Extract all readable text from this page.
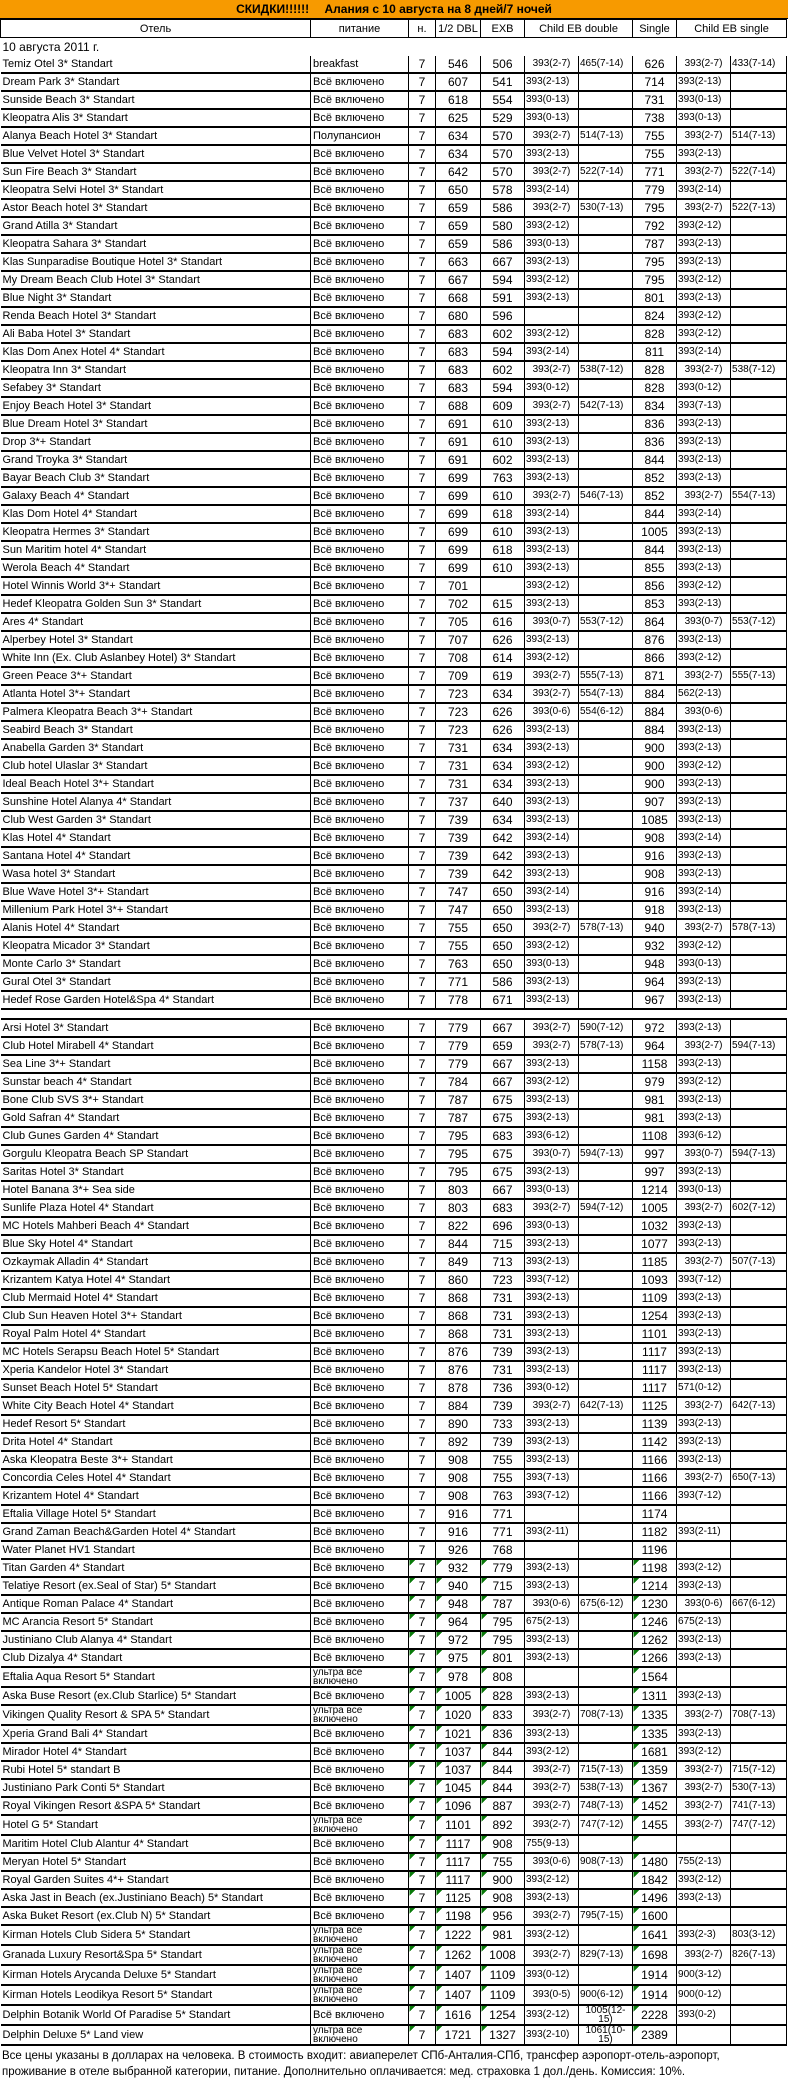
СКИДКИ!!!!!! Алания с 10 августа на 8 дней/7 ночей
Отель	питание	н.	1/2 DBL	EXB	Child EB double		Single	Child EB single	
10 августа 2011 г.									
Temiz Otel 3* Standart	breakfast	7	546	506	393(2-7)	465(7-14)	626	393(2-7)	433(7-14)
Dream Park 3* Standart	Всё включено	7	607	541	393(2-13)		714	393(2-13)	
Sunside Beach 3* Standart	Всё включено	7	618	554	393(0-13)		731	393(0-13)	
Kleopatra Alis 3* Standart	Всё включено	7	625	529	393(0-13)		738	393(0-13)	
Alanya Beach Hotel 3* Standart	Полупансион	7	634	570	393(2-7)	514(7-13)	755	393(2-7)	514(7-13)
Blue Velvet Hotel 3* Standart	Всё включено	7	634	570	393(2-13)		755	393(2-13)	
Sun Fire Beach 3* Standart	Всё включено	7	642	570	393(2-7)	522(7-14)	771	393(2-7)	522(7-14)
Kleopatra Selvi Hotel 3* Standart	Всё включено	7	650	578	393(2-14)		779	393(2-14)	
Astor Beach hotel 3* Standart	Всё включено	7	659	586	393(2-7)	530(7-13)	795	393(2-7)	522(7-13)
Grand Atilla 3* Standart	Всё включено	7	659	580	393(2-12)		792	393(2-12)	
Kleopatra Sahara 3* Standart	Всё включено	7	659	586	393(0-13)		787	393(2-13)	
Klas Sunparadise Boutique Hotel 3* Standart	Всё включено	7	663	667	393(2-13)		795	393(2-13)	
My Dream Beach Club Hotel 3* Standart	Всё включено	7	667	594	393(2-12)		795	393(2-12)	
Blue Night 3* Standart	Всё включено	7	668	591	393(2-13)		801	393(2-13)	
Renda Beach Hotel 3* Standart	Всё включено	7	680	596			824	393(2-12)	
Ali Baba Hotel 3* Standart	Всё включено	7	683	602	393(2-12)		828	393(2-12)	
Klas Dom Anex Hotel 4* Standart	Всё включено	7	683	594	393(2-14)		811	393(2-14)	
Kleopatra Inn 3* Standart	Всё включено	7	683	602	393(2-7)	538(7-12)	828	393(2-7)	538(7-12)
Sefabey 3* Standart	Всё включено	7	683	594	393(0-12)		828	393(0-12)	
Enjoy Beach Hotel 3* Standart	Всё включено	7	688	609	393(2-7)	542(7-13)	834	393(7-13)	
Blue Dream Hotel 3* Standart	Всё включено	7	691	610	393(2-13)		836	393(2-13)	
Drop 3*+ Standart	Всё включено	7	691	610	393(2-13)		836	393(2-13)	
Grand Troyka 3* Standart	Всё включено	7	691	602	393(2-13)		844	393(2-13)	
Bayar Beach Club 3* Standart	Всё включено	7	699	763	393(2-13)		852	393(2-13)	
Galaxy Beach 4* Standart	Всё включено	7	699	610	393(2-7)	546(7-13)	852	393(2-7)	554(7-13)
Klas Dom Hotel 4* Standart	Всё включено	7	699	618	393(2-14)		844	393(2-14)	
Kleopatra Hermes 3* Standart	Всё включено	7	699	610	393(2-13)		1005	393(2-13)	
Sun Maritim hotel 4* Standart	Всё включено	7	699	618	393(2-13)		844	393(2-13)	
Werola Beach 4* Standart	Всё включено	7	699	610	393(2-13)		855	393(2-13)	
Hotel Winnis World 3*+ Standart	Всё включено	7	701		393(2-12)		856	393(2-12)	
Hedef Kleopatra Golden Sun 3* Standart	Всё включено	7	702	615	393(2-13)		853	393(2-13)	
Ares 4* Standart	Всё включено	7	705	616	393(0-7)	553(7-12)	864	393(0-7)	553(7-12)
Alperbey Hotel 3* Standart	Всё включено	7	707	626	393(2-13)		876	393(2-13)	
White Inn (Ex. Club Aslanbey Hotel) 3* Standart	Всё включено	7	708	614	393(2-12)		866	393(2-12)	
Green Peace 3*+ Standart	Всё включено	7	709	619	393(2-7)	555(7-13)	871	393(2-7)	555(7-13)
Atlanta Hotel 3*+ Standart	Всё включено	7	723	634	393(2-7)	554(7-13)	884	562(2-13)	
Palmera Kleopatra Beach 3*+ Standart	Всё включено	7	723	626	393(0-6)	554(6-12)	884	393(0-6)	
Seabird Beach 3* Standart	Всё включено	7	723	626	393(2-13)		884	393(2-13)	
Anabella Garden 3* Standart	Всё включено	7	731	634	393(2-13)		900	393(2-13)	
Club hotel Ulaslar 3* Standart	Всё включено	7	731	634	393(2-12)		900	393(2-12)	
Ideal Beach Hotel 3*+ Standart	Всё включено	7	731	634	393(2-13)		900	393(2-13)	
Sunshine Hotel Alanya 4* Standart	Всё включено	7	737	640	393(2-13)		907	393(2-13)	
Club West Garden 3* Standart	Всё включено	7	739	634	393(2-13)		1085	393(2-13)	
Klas Hotel 4* Standart	Всё включено	7	739	642	393(2-14)		908	393(2-14)	
Santana Hotel 4* Standart	Всё включено	7	739	642	393(2-13)		916	393(2-13)	
Wasa hotel 3* Standart	Всё включено	7	739	642	393(2-13)		908	393(2-13)	
Blue Wave Hotel 3*+ Standart	Всё включено	7	747	650	393(2-14)		916	393(2-14)	
Millenium Park Hotel 3*+ Standart	Всё включено	7	747	650	393(2-13)		918	393(2-13)	
Alanis Hotel 4* Standart	Всё включено	7	755	650	393(2-7)	578(7-13)	940	393(2-7)	578(7-13)
Kleopatra Micador 3* Standart	Всё включено	7	755	650	393(2-12)		932	393(2-12)	
Monte Carlo 3* Standart	Всё включено	7	763	650	393(0-13)		948	393(0-13)	
Gural Otel 3* Standart	Всё включено	7	771	586	393(2-13)		964	393(2-13)	
Hedef Rose Garden Hotel&Spa 4* Standart	Всё включено	7	778	671	393(2-13)		967	393(2-13)	

Arsi Hotel 3* Standart	Всё включено	7	779	667	393(2-7)	590(7-12)	972	393(2-13)	
Club Hotel Mirabell 4* Standart	Всё включено	7	779	659	393(2-7)	578(7-13)	964	393(2-7)	594(7-13)
Sea Line 3*+ Standart	Всё включено	7	779	667	393(2-13)		1158	393(2-13)	
Sunstar beach 4* Standart	Всё включено	7	784	667	393(2-12)		979	393(2-12)	
Bone Club SVS 3*+ Standart	Всё включено	7	787	675	393(2-13)		981	393(2-13)	
Gold Safran 4* Standart	Всё включено	7	787	675	393(2-13)		981	393(2-13)	
Club Gunes Garden 4* Standart	Всё включено	7	795	683	393(6-12)		1108	393(6-12)	
Gorgulu Kleopatra Beach SP Standart	Всё включено	7	795	675	393(0-7)	594(7-13)	997	393(0-7)	594(7-13)
Saritas Hotel 3* Standart	Всё включено	7	795	675	393(2-13)		997	393(2-13)	
Hotel Banana 3*+ Sea side	Всё включено	7	803	667	393(0-13)		1214	393(0-13)	
Sunlife Plaza Hotel 4* Standart	Всё включено	7	803	683	393(2-7)	594(7-12)	1005	393(2-7)	602(7-12)
MC Hotels Mahberi Beach 4* Standart	Всё включено	7	822	696	393(0-13)		1032	393(2-13)	
Blue Sky Hotel 4* Standart	Всё включено	7	844	715	393(2-13)		1077	393(2-13)	
Ozkaymak Alladin 4* Standart	Всё включено	7	849	713	393(2-13)		1185	393(2-7)	507(7-13)
Krizantem Katya Hotel 4* Standart	Всё включено	7	860	723	393(7-12)		1093	393(7-12)	
Club Mermaid Hotel 4* Standart	Всё включено	7	868	731	393(2-13)		1109	393(2-13)	
Club Sun Heaven Hotel 3*+ Standart	Всё включено	7	868	731	393(2-13)		1254	393(2-13)	
Royal Palm Hotel 4* Standart	Всё включено	7	868	731	393(2-13)		1101	393(2-13)	
MC Hotels Serapsu Beach Hotel 5* Standart	Всё включено	7	876	739	393(2-13)		1117	393(2-13)	
Xperia Kandelor Hotel 3* Standart	Всё включено	7	876	731	393(2-13)		1117	393(2-13)	
Sunset Beach Hotel 5* Standart	Всё включено	7	878	736	393(0-12)		1117	571(0-12)	
White City Beach Hotel 4* Standart	Всё включено	7	884	739	393(2-7)	642(7-13)	1125	393(2-7)	642(7-13)
Hedef Resort 5* Standart	Всё включено	7	890	733	393(2-13)		1139	393(2-13)	
Drita Hotel 4* Standart	Всё включено	7	892	739	393(2-13)		1142	393(2-13)	
Aska Kleopatra Beste 3*+ Standart	Всё включено	7	908	755	393(2-13)		1166	393(2-13)	
Concordia Celes Hotel 4* Standart	Всё включено	7	908	755	393(7-13)		1166	393(2-7)	650(7-13)
Krizantem Hotel 4* Standart	Всё включено	7	908	763	393(7-12)		1166	393(7-12)	
Eftalia Village Hotel 5* Standart	Всё включено	7	916	771			1174		
Grand Zaman Beach&Garden Hotel 4* Standart	Всё включено	7	916	771	393(2-11)		1182	393(2-11)	
Water Planet HV1 Standart	Всё включено	7	926	768			1196		
Titan Garden 4* Standart	Всё включено	7	932	779	393(2-13)		1198	393(2-12)	
Telatiye Resort (ex.Seal of Star) 5* Standart	Всё включено	7	940	715	393(2-13)		1214	393(2-13)	
Antique Roman Palace 4* Standart	Всё включено	7	948	787	393(0-6)	675(6-12)	1230	393(0-6)	667(6-12)
MC Arancia Resort 5* Standart	Всё включено	7	964	795	675(2-13)		1246	675(2-13)	
Justiniano Club Alanya 4* Standart	Всё включено	7	972	795	393(2-13)		1262	393(2-13)	
Club Dizalya 4* Standart	Всё включено	7	975	801	393(2-13)		1266	393(2-13)	
Eftalia Aqua Resort 5* Standart	ультра все включено	7	978	808			1564		
Aska Buse Resort (ex.Club Starlice) 5* Standart	Всё включено	7	1005	828	393(2-13)		1311	393(2-13)	
Vikingen Quality Resort & SPA 5* Standart	ультра все включено	7	1020	833	393(2-7)	708(7-13)	1335	393(2-7)	708(7-13)
Xperia Grand Bali 4* Standart	Всё включено	7	1021	836	393(2-13)		1335	393(2-13)	
Mirador Hotel 4* Standart	Всё включено	7	1037	844	393(2-12)		1681	393(2-12)	
Rubi Hotel 5* standart B	Всё включено	7	1037	844	393(2-7)	715(7-13)	1359	393(2-7)	715(7-12)
Justiniano Park Conti 5* Standart	Всё включено	7	1045	844	393(2-7)	538(7-13)	1367	393(2-7)	530(7-13)
Royal Vikingen Resort &SPA 5* Standart	Всё включено	7	1096	887	393(2-7)	748(7-13)	1452	393(2-7)	741(7-13)
Hotel G 5* Standart	ультра все включено	7	1101	892	393(2-7)	747(7-12)	1455	393(2-7)	747(7-12)
Maritim Hotel Club Alantur 4* Standart	Всё включено	7	1117	908	755(9-13)				
Meryan Hotel 5* Standart	Всё включено	7	1117	755	393(0-6)	908(7-13)	1480	755(2-13)	
Royal Garden Suites 4*+ Standart	Всё включено	7	1117	900	393(2-12)		1842	393(2-12)	
Aska Jast in Beach (ex.Justiniano Beach) 5* Standart	Всё включено	7	1125	908	393(2-13)		1496	393(2-13)	
Aska Buket Resort (ex.Club N) 5* Standart	Всё включено	7	1198	956	393(2-7)	795(7-15)	1600		
Kirman Hotels Club Sidera 5* Standart	ультра все включено	7	1222	981	393(2-12)		1641	393(2-3)	803(3-12)
Granada Luxury Resort&Spa 5* Standart	ультра все включено	7	1262	1008	393(2-7)	829(7-13)	1698	393(2-7)	826(7-13)
Kirman Hotels Arycanda Deluxe 5* Standart	ультра все включено	7	1407	1109	393(0-12)		1914	900(3-12)	
Kirman Hotels Leodikya Resort 5* Standart	ультра все включено	7	1407	1109	393(0-5)	900(6-12)	1914	900(0-12)	
Delphin Botanik World Of Paradise 5* Standart	Всё включено	7	1616	1254	393(2-12)	1005(12-15)	2228	393(0-2)	
Delphin Deluxe 5* Land view	ультра все включено	7	1721	1327	393(2-10)	1061(10-15)	2389		
Все цены указаны в долларах на человека. В стоимость входит: авиаперелет СПб-Анталия-СПб, трансфер аэропорт-отель-аэропорт, проживание в отеле выбранной категории, питание. Дополнительно оплачивается: мед. страховка 1 дол./день. Комиссия: 10%.
